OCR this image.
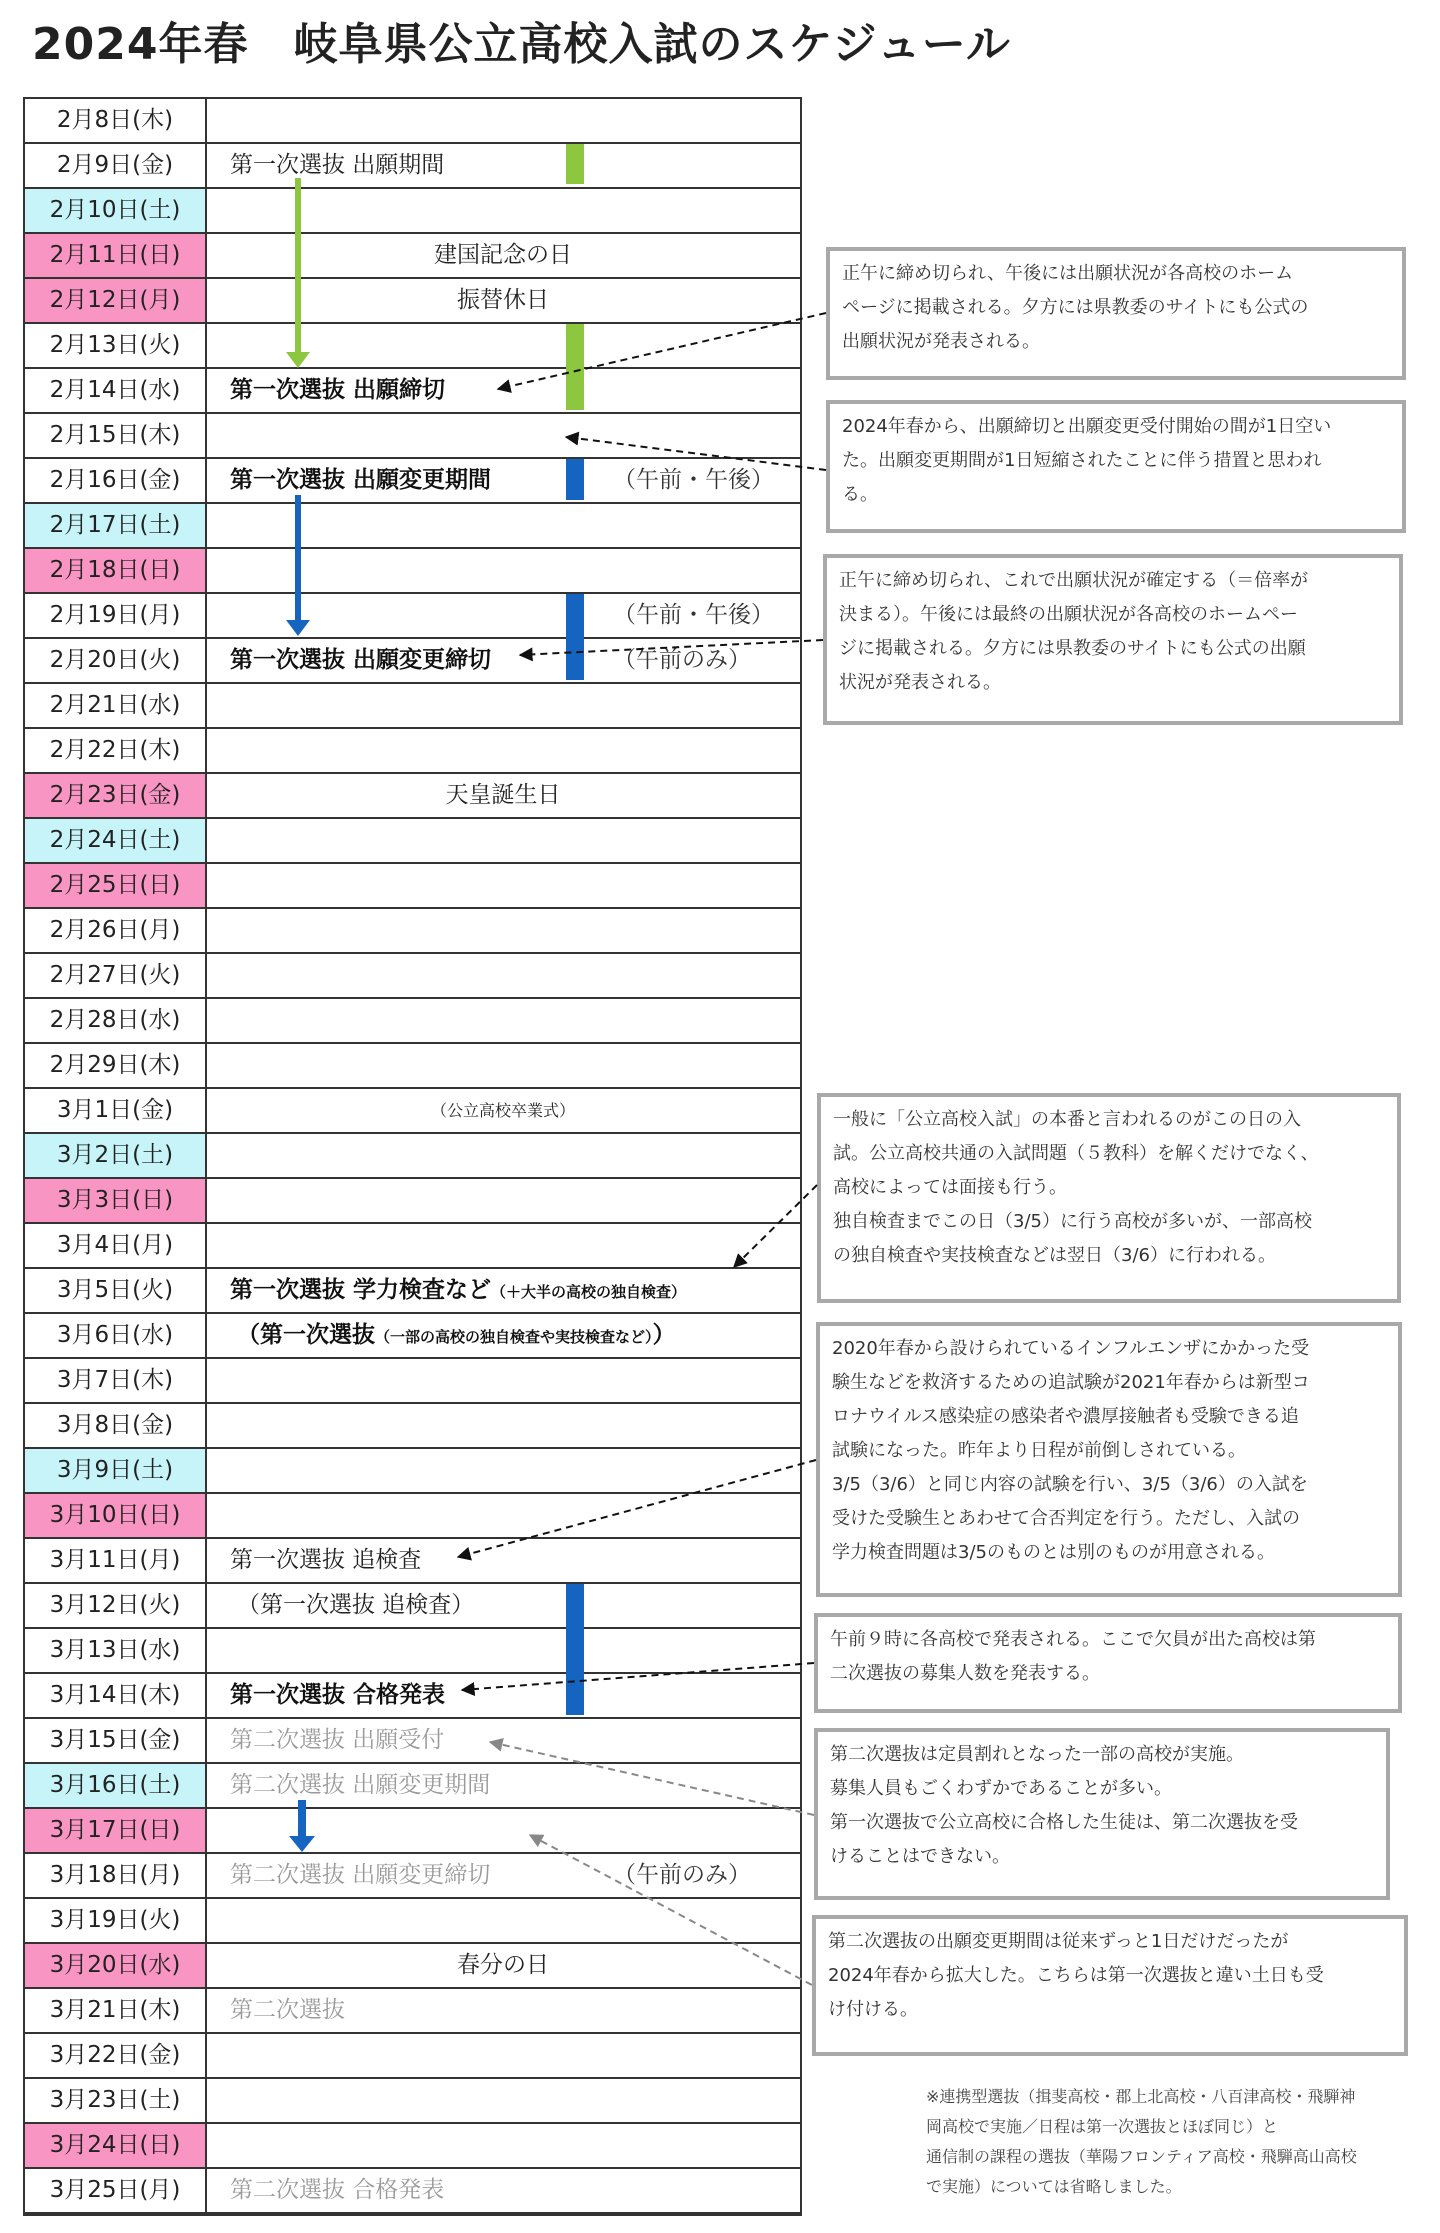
2024年春　岐阜県公立高校入試のスケジュール
2月8日(木)
2月9日(金)	第一次選抜 出願期間
2月10日(土)
2月11日(日)	建国記念の日
2月12日(月)	振替休日
2月13日(火)
2月14日(水)	第一次選抜 出願締切
2月15日(木)
2月16日(金)	第一次選抜 出願変更期間	（午前・午後）
2月17日(土)
2月18日(日)
2月19日(月)	（午前・午後）
2月20日(火)	第一次選抜 出願変更締切	（午前のみ）
2月21日(水)
2月22日(木)
2月23日(金)	天皇誕生日
2月24日(土)
2月25日(日)
2月26日(月)
2月27日(火)
2月28日(水)
2月29日(木)
3月1日(金)	（公立高校卒業式）
3月2日(土)
3月3日(日)
3月4日(月)
3月5日(火)	第一次選抜 学力検査など（＋大半の高校の独自検査）
3月6日(水)	（第一次選抜（一部の高校の独自検査や実技検査など））
3月7日(木)
3月8日(金)
3月9日(土)
3月10日(日)
3月11日(月)	第一次選抜 追検査
3月12日(火)	（第一次選抜 追検査）
3月13日(水)
3月14日(木)	第一次選抜 合格発表
3月15日(金)	第二次選抜 出願受付
3月16日(土)	第二次選抜 出願変更期間
3月17日(日)
3月18日(月)	第二次選抜 出願変更締切	（午前のみ）
3月19日(火)
3月20日(水)	春分の日
3月21日(木)	第二次選抜
3月22日(金)
3月23日(土)
3月24日(日)
3月25日(月)	第二次選抜 合格発表
正午に締め切られ、午後には出願状況が各高校のホーム
ページに掲載される。夕方には県教委のサイトにも公式の
出願状況が発表される。
2024年春から、出願締切と出願変更受付開始の間が1日空い
た。出願変更期間が1日短縮されたことに伴う措置と思われ
る。
正午に締め切られ、これで出願状況が確定する（＝倍率が
決まる）。午後には最終の出願状況が各高校のホームペー
ジに掲載される。夕方には県教委のサイトにも公式の出願
状況が発表される。
一般に「公立高校入試」の本番と言われるのがこの日の入
試。公立高校共通の入試問題（５教科）を解くだけでなく、
高校によっては面接も行う。
独自検査までこの日（3/5）に行う高校が多いが、一部高校
の独自検査や実技検査などは翌日（3/6）に行われる。
2020年春から設けられているインフルエンザにかかった受
験生などを救済するための追試験が2021年春からは新型コ
ロナウイルス感染症の感染者や濃厚接触者も受験できる追
試験になった。昨年より日程が前倒しされている。
3/5（3/6）と同じ内容の試験を行い、3/5（3/6）の入試を
受けた受験生とあわせて合否判定を行う。ただし、入試の
学力検査問題は3/5のものとは別のものが用意される。
午前９時に各高校で発表される。ここで欠員が出た高校は第
二次選抜の募集人数を発表する。
第二次選抜は定員割れとなった一部の高校が実施。
募集人員もごくわずかであることが多い。
第一次選抜で公立高校に合格した生徒は、第二次選抜を受
けることはできない。
第二次選抜の出願変更期間は従来ずっと1日だけだったが
2024年春から拡大した。こちらは第一次選抜と違い土日も受
け付ける。
※連携型選抜（揖斐高校・郡上北高校・八百津高校・飛騨神
岡高校で実施／日程は第一次選抜とほぼ同じ）と
通信制の課程の選抜（華陽フロンティア高校・飛騨高山高校
で実施）については省略しました。
